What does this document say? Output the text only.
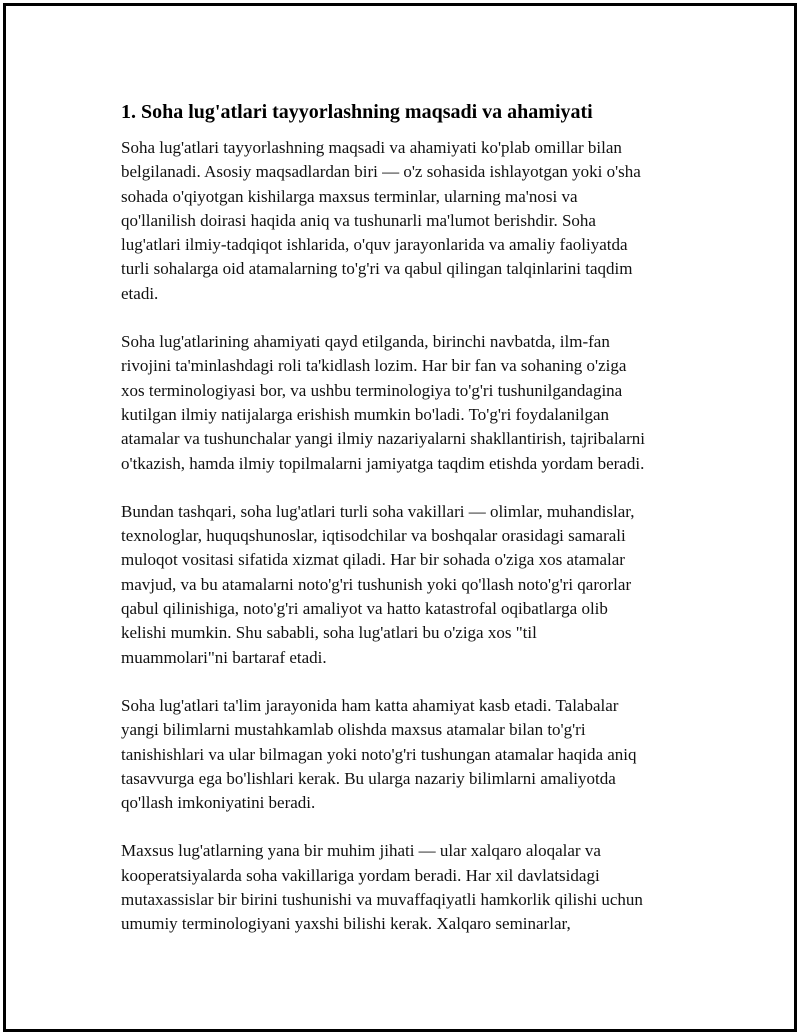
1. Soha lug'atlari tayyorlashning maqsadi va ahamiyati
Soha lug'atlari tayyorlashning maqsadi va ahamiyati ko'plab omillar bilan
belgilanadi. Asosiy maqsadlardan biri — o'z sohasida ishlayotgan yoki o'sha
sohada o'qiyotgan kishilarga maxsus terminlar, ularning ma'nosi va
qo'llanilish doirasi haqida aniq va tushunarli ma'lumot berishdir. Soha
lug'atlari ilmiy-tadqiqot ishlarida, o'quv jarayonlarida va amaliy faoliyatda
turli sohalarga oid atamalarning to'g'ri va qabul qilingan talqinlarini taqdim
etadi.
Soha lug'atlarining ahamiyati qayd etilganda, birinchi navbatda, ilm-fan
rivojini ta'minlashdagi roli ta'kidlash lozim. Har bir fan va sohaning o'ziga
xos terminologiyasi bor, va ushbu terminologiya to'g'ri tushunilgandagina
kutilgan ilmiy natijalarga erishish mumkin bo'ladi. To'g'ri foydalanilgan
atamalar va tushunchalar yangi ilmiy nazariyalarni shakllantirish, tajribalarni
o'tkazish, hamda ilmiy topilmalarni jamiyatga taqdim etishda yordam beradi.
Bundan tashqari, soha lug'atlari turli soha vakillari — olimlar, muhandislar,
texnologlar, huquqshunoslar, iqtisodchilar va boshqalar orasidagi samarali
muloqot vositasi sifatida xizmat qiladi. Har bir sohada o'ziga xos atamalar
mavjud, va bu atamalarni noto'g'ri tushunish yoki qo'llash noto'g'ri qarorlar
qabul qilinishiga, noto'g'ri amaliyot va hatto katastrofal oqibatlarga olib
kelishi mumkin. Shu sababli, soha lug'atlari bu o'ziga xos "til
muammolari"ni bartaraf etadi.
Soha lug'atlari ta'lim jarayonida ham katta ahamiyat kasb etadi. Talabalar
yangi bilimlarni mustahkamlab olishda maxsus atamalar bilan to'g'ri
tanishishlari va ular bilmagan yoki noto'g'ri tushungan atamalar haqida aniq
tasavvurga ega bo'lishlari kerak. Bu ularga nazariy bilimlarni amaliyotda
qo'llash imkoniyatini beradi.
Maxsus lug'atlarning yana bir muhim jihati — ular xalqaro aloqalar va
kooperatsiyalarda soha vakillariga yordam beradi. Har xil davlatsidagi
mutaxassislar bir birini tushunishi va muvaffaqiyatli hamkorlik qilishi uchun
umumiy terminologiyani yaxshi bilishi kerak. Xalqaro seminarlar,
